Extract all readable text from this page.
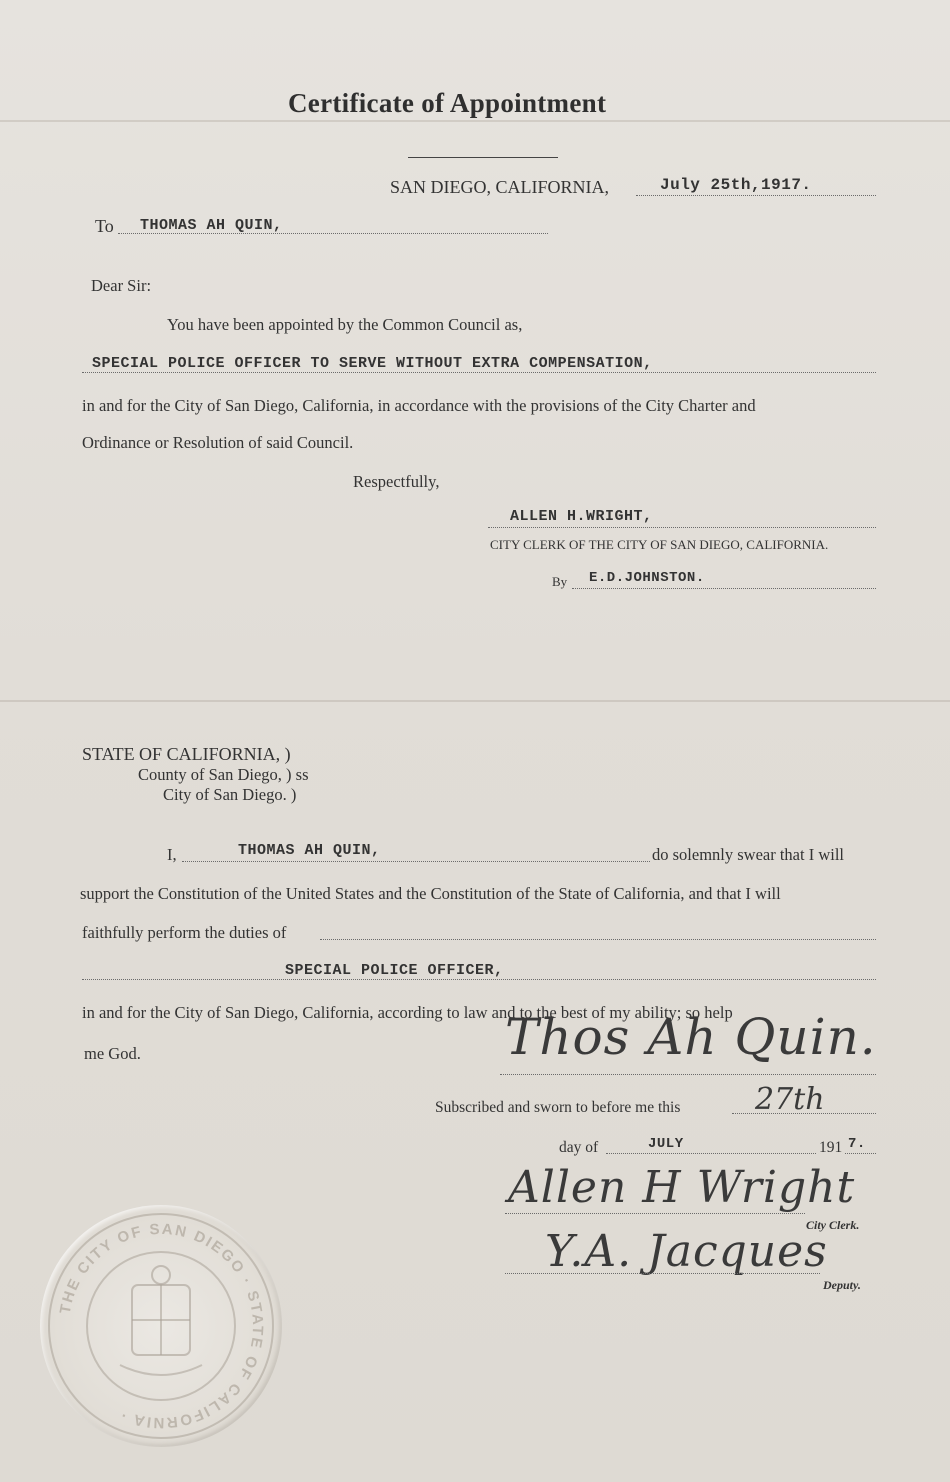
Certificate of Appointment
SAN DIEGO, CALIFORNIA,	July 25th,1917.
To THOMAS AH QUIN,
Dear Sir:
You have been appointed by the Common Council as,
SPECIAL POLICE OFFICER TO SERVE WITHOUT EXTRA COMPENSATION,
in and for the City of San Diego, California, in accordance with the provisions of the City Charter and
Ordinance or Resolution of said Council.
Respectfully,
ALLEN H.WRIGHT,
CITY CLERK OF THE CITY OF SAN DIEGO, CALIFORNIA.
By E.D.JOHNSTON.
STATE OF CALIFORNIA, )
County of San Diego, ) ss
City of San Diego. )
I,	THOMAS AH QUIN,	do solemnly swear that I will
support the Constitution of the United States and the Constitution of the State of California, and that I will
faithfully perform the duties of
SPECIAL POLICE OFFICER,
in and for the City of San Diego, California, according to law and to the best of my ability; so help
me God.	Thos Ah Quin.
Subscribed and sworn to before me this 27th
day of	JULY	191 7.
Allen H Wright
City Clerk.
Y.A. Jacques
Deputy.
THE CITY OF SAN DIEGO · STATE OF CALIFORNIA ·
